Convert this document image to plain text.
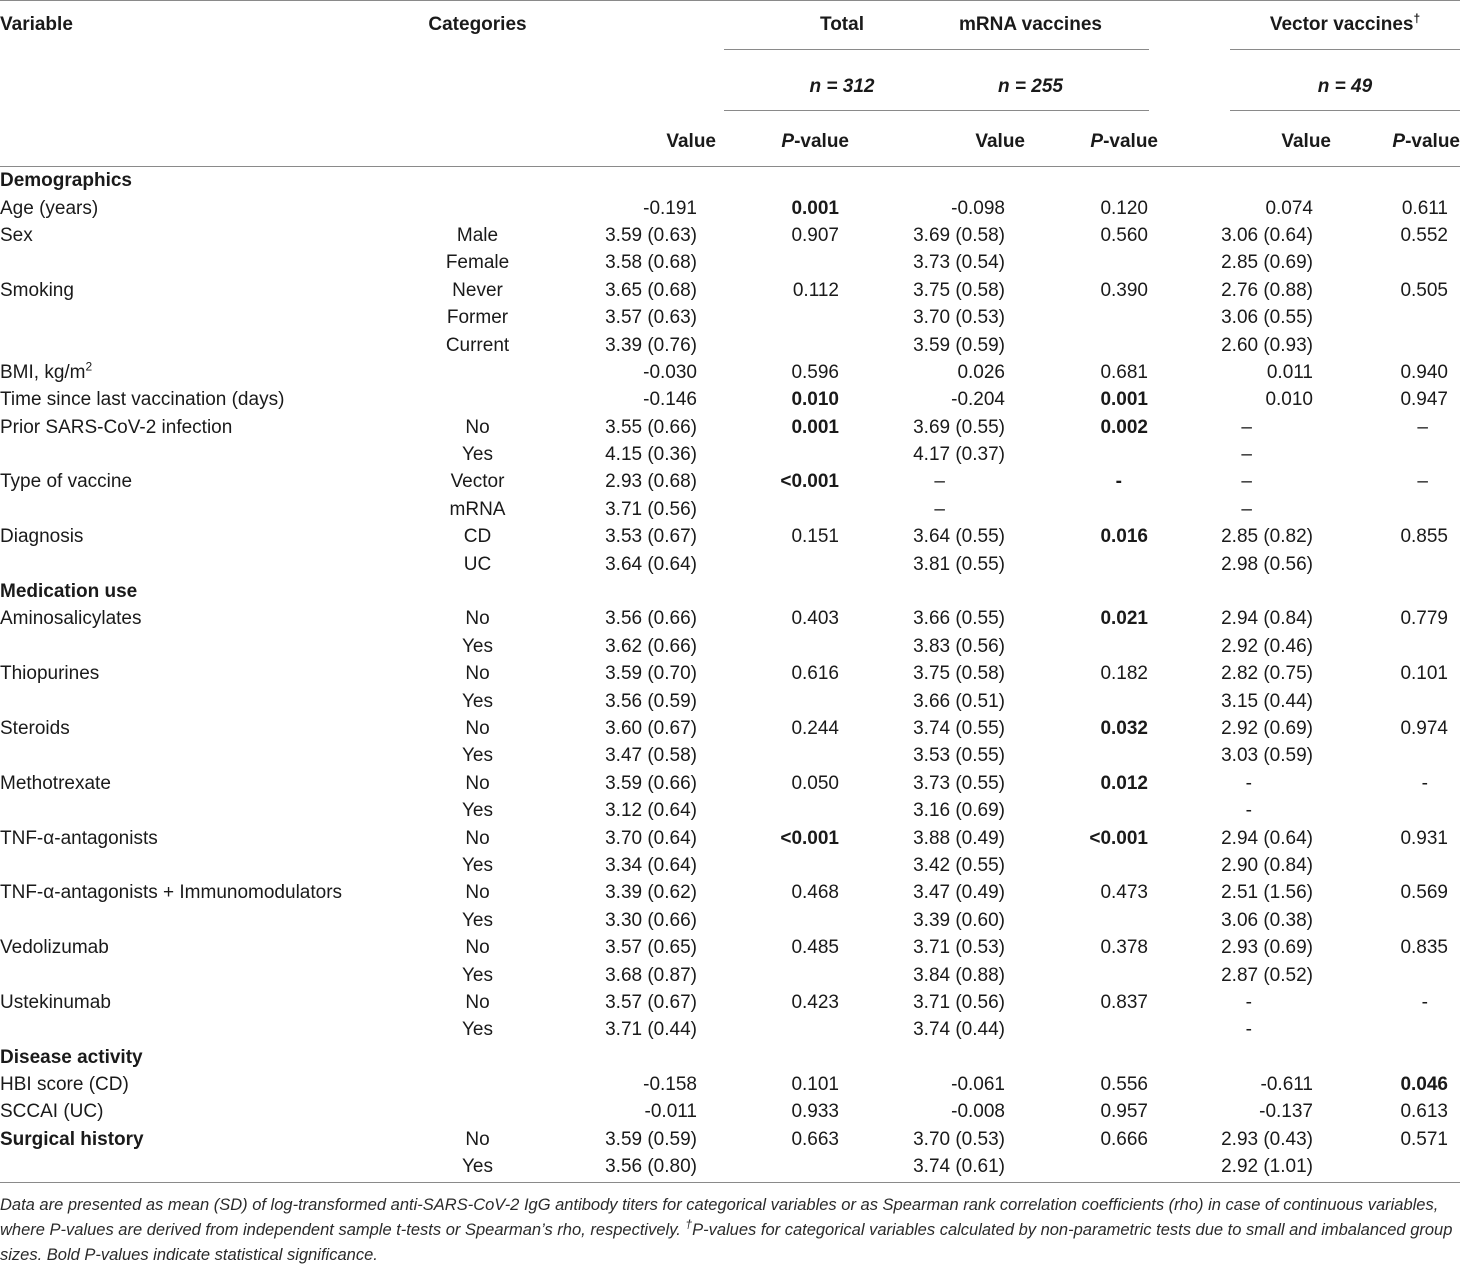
Variable	Categories	Total		mRNA vaccines		Vector vaccines†

		n = 312		n = 255		n = 49	

		Value	P-value	Value	P-value	Value	P-value
Demographics							
Age (years)		-0.191	0.001	-0.098	0.120	0.074	0.611
Sex	Male	3.59 (0.63)	0.907	3.69 (0.58)	0.560	3.06 (0.64)	0.552
	Female	3.58 (0.68)		3.73 (0.54)		2.85 (0.69)	
Smoking	Never	3.65 (0.68)	0.112	3.75 (0.58)	0.390	2.76 (0.88)	0.505
	Former	3.57 (0.63)		3.70 (0.53)		3.06 (0.55)	
	Current	3.39 (0.76)		3.59 (0.59)		2.60 (0.93)	
BMI, $kg/m^2$		-0.030	0.596	0.026	0.681	0.011	0.940
Time since last vaccination (days)		-0.146	0.010	-0.204	0.001	0.010	0.947
Prior SARS-CoV-2 infection	No	3.55 (0.66)	0.001	3.69 (0.55)	0.002	–	–
	Yes	4.15 (0.36)		4.17 (0.37)		–	
Type of vaccine	Vector	2.93 (0.68)	<0.001	–	-	–	–
	mRNA	3.71 (0.56)		–		–	
Diagnosis	CD	3.53 (0.67)	0.151	3.64 (0.55)	0.016	2.85 (0.82)	0.855
	UC	3.64 (0.64)		3.81 (0.55)		2.98 (0.56)	
Medication use							
Aminosalicylates	No	3.56 (0.66)	0.403	3.66 (0.55)	0.021	2.94 (0.84)	0.779
	Yes	3.62 (0.66)		3.83 (0.56)		2.92 (0.46)	
Thiopurines	No	3.59 (0.70)	0.616	3.75 (0.58)	0.182	2.82 (0.75)	0.101
	Yes	3.56 (0.59)		3.66 (0.51)		3.15 (0.44)	
Steroids	No	3.60 (0.67)	0.244	3.74 (0.55)	0.032	2.92 (0.69)	0.974
	Yes	3.47 (0.58)		3.53 (0.55)		3.03 (0.59)	
Methotrexate	No	3.59 (0.66)	0.050	3.73 (0.55)	0.012	-	-
	Yes	3.12 (0.64)		3.16 (0.69)		-	
TNF-α-antagonists	No	3.70 (0.64)	<0.001	3.88 (0.49)	<0.001	2.94 (0.64)	0.931
	Yes	3.34 (0.64)		3.42 (0.55)		2.90 (0.84)	
TNF-α-antagonists + Immunomodulators	No	3.39 (0.62)	0.468	3.47 (0.49)	0.473	2.51 (1.56)	0.569
	Yes	3.30 (0.66)		3.39 (0.60)		3.06 (0.38)	
Vedolizumab	No	3.57 (0.65)	0.485	3.71 (0.53)	0.378	2.93 (0.69)	0.835
	Yes	3.68 (0.87)		3.84 (0.88)		2.87 (0.52)	
Ustekinumab	No	3.57 (0.67)	0.423	3.71 (0.56)	0.837	-	-
	Yes	3.71 (0.44)		3.74 (0.44)		-	
Disease activity							
HBI score (CD)		-0.158	0.101	-0.061	0.556	-0.611	0.046
SCCAI (UC)		-0.011	0.933	-0.008	0.957	-0.137	0.613
Surgical history	No	3.59 (0.59)	0.663	3.70 (0.53)	0.666	2.93 (0.43)	0.571
	Yes	3.56 (0.80)		3.74 (0.61)		2.92 (1.01)	
Data are presented as mean (SD) of log-transformed anti-SARS-CoV-2 IgG antibody titers for categorical variables or as Spearman rank correlation coefficients (rho) in case of continuous variables, where P-values are derived from independent sample t-tests or Spearman’s rho, respectively. †P-values for categorical variables calculated by non-parametric tests due to small and imbalanced group sizes. Bold P-values indicate statistical significance.
